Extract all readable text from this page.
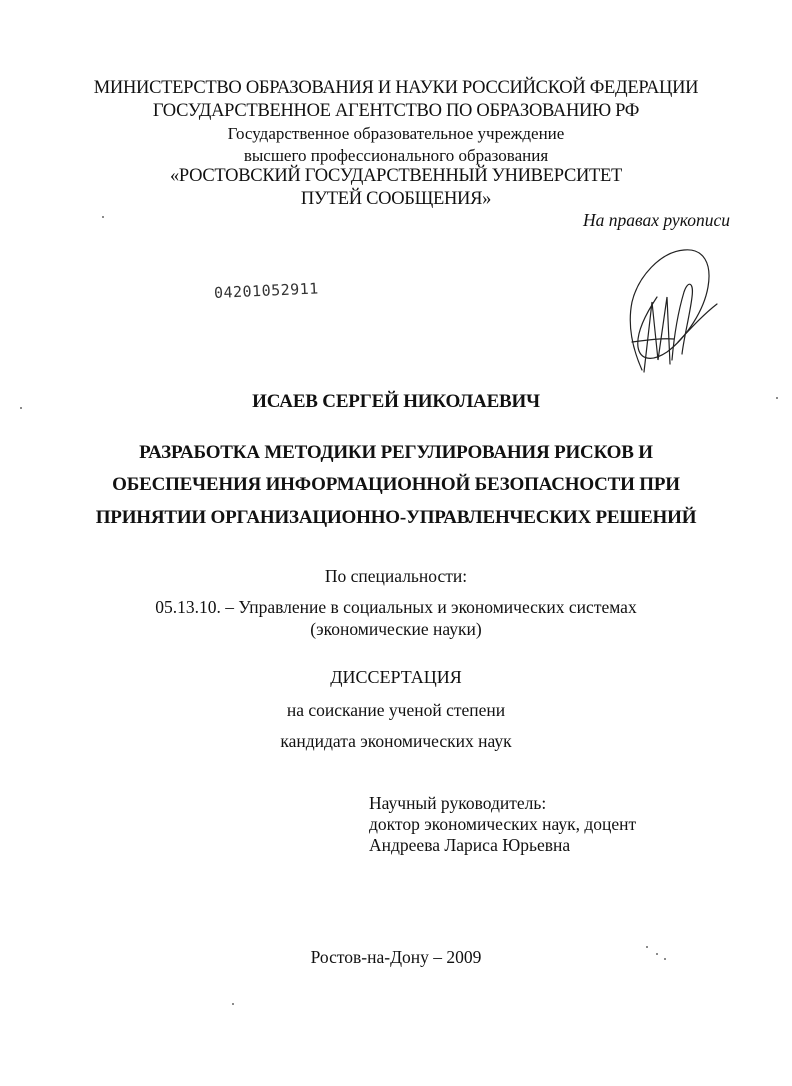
МИНИСТЕРСТВО ОБРАЗОВАНИЯ И НАУКИ РОССИЙСКОЙ ФЕДЕРАЦИИ
ГОСУДАРСТВЕННОЕ АГЕНТСТВО ПО ОБРАЗОВАНИЮ РФ
Государственное образовательное учреждение
высшего профессионального образования
«РОСТОВСКИЙ ГОСУДАРСТВЕННЫЙ УНИВЕРСИТЕТ
ПУТЕЙ СООБЩЕНИЯ»
На правах рукописи
04201052911
ИСАЕВ СЕРГЕЙ НИКОЛАЕВИЧ
РАЗРАБОТКА МЕТОДИКИ РЕГУЛИРОВАНИЯ РИСКОВ И
ОБЕСПЕЧЕНИЯ ИНФОРМАЦИОННОЙ БЕЗОПАСНОСТИ ПРИ
ПРИНЯТИИ ОРГАНИЗАЦИОННО-УПРАВЛЕНЧЕСКИХ РЕШЕНИЙ
По специальности:
05.13.10. – Управление в социальных и экономических системах
(экономические науки)
ДИССЕРТАЦИЯ
на соискание ученой степени
кандидата экономических наук
Научный руководитель:
доктор экономических наук, доцент
Андреева Лариса Юрьевна
Ростов-на-Дону – 2009
